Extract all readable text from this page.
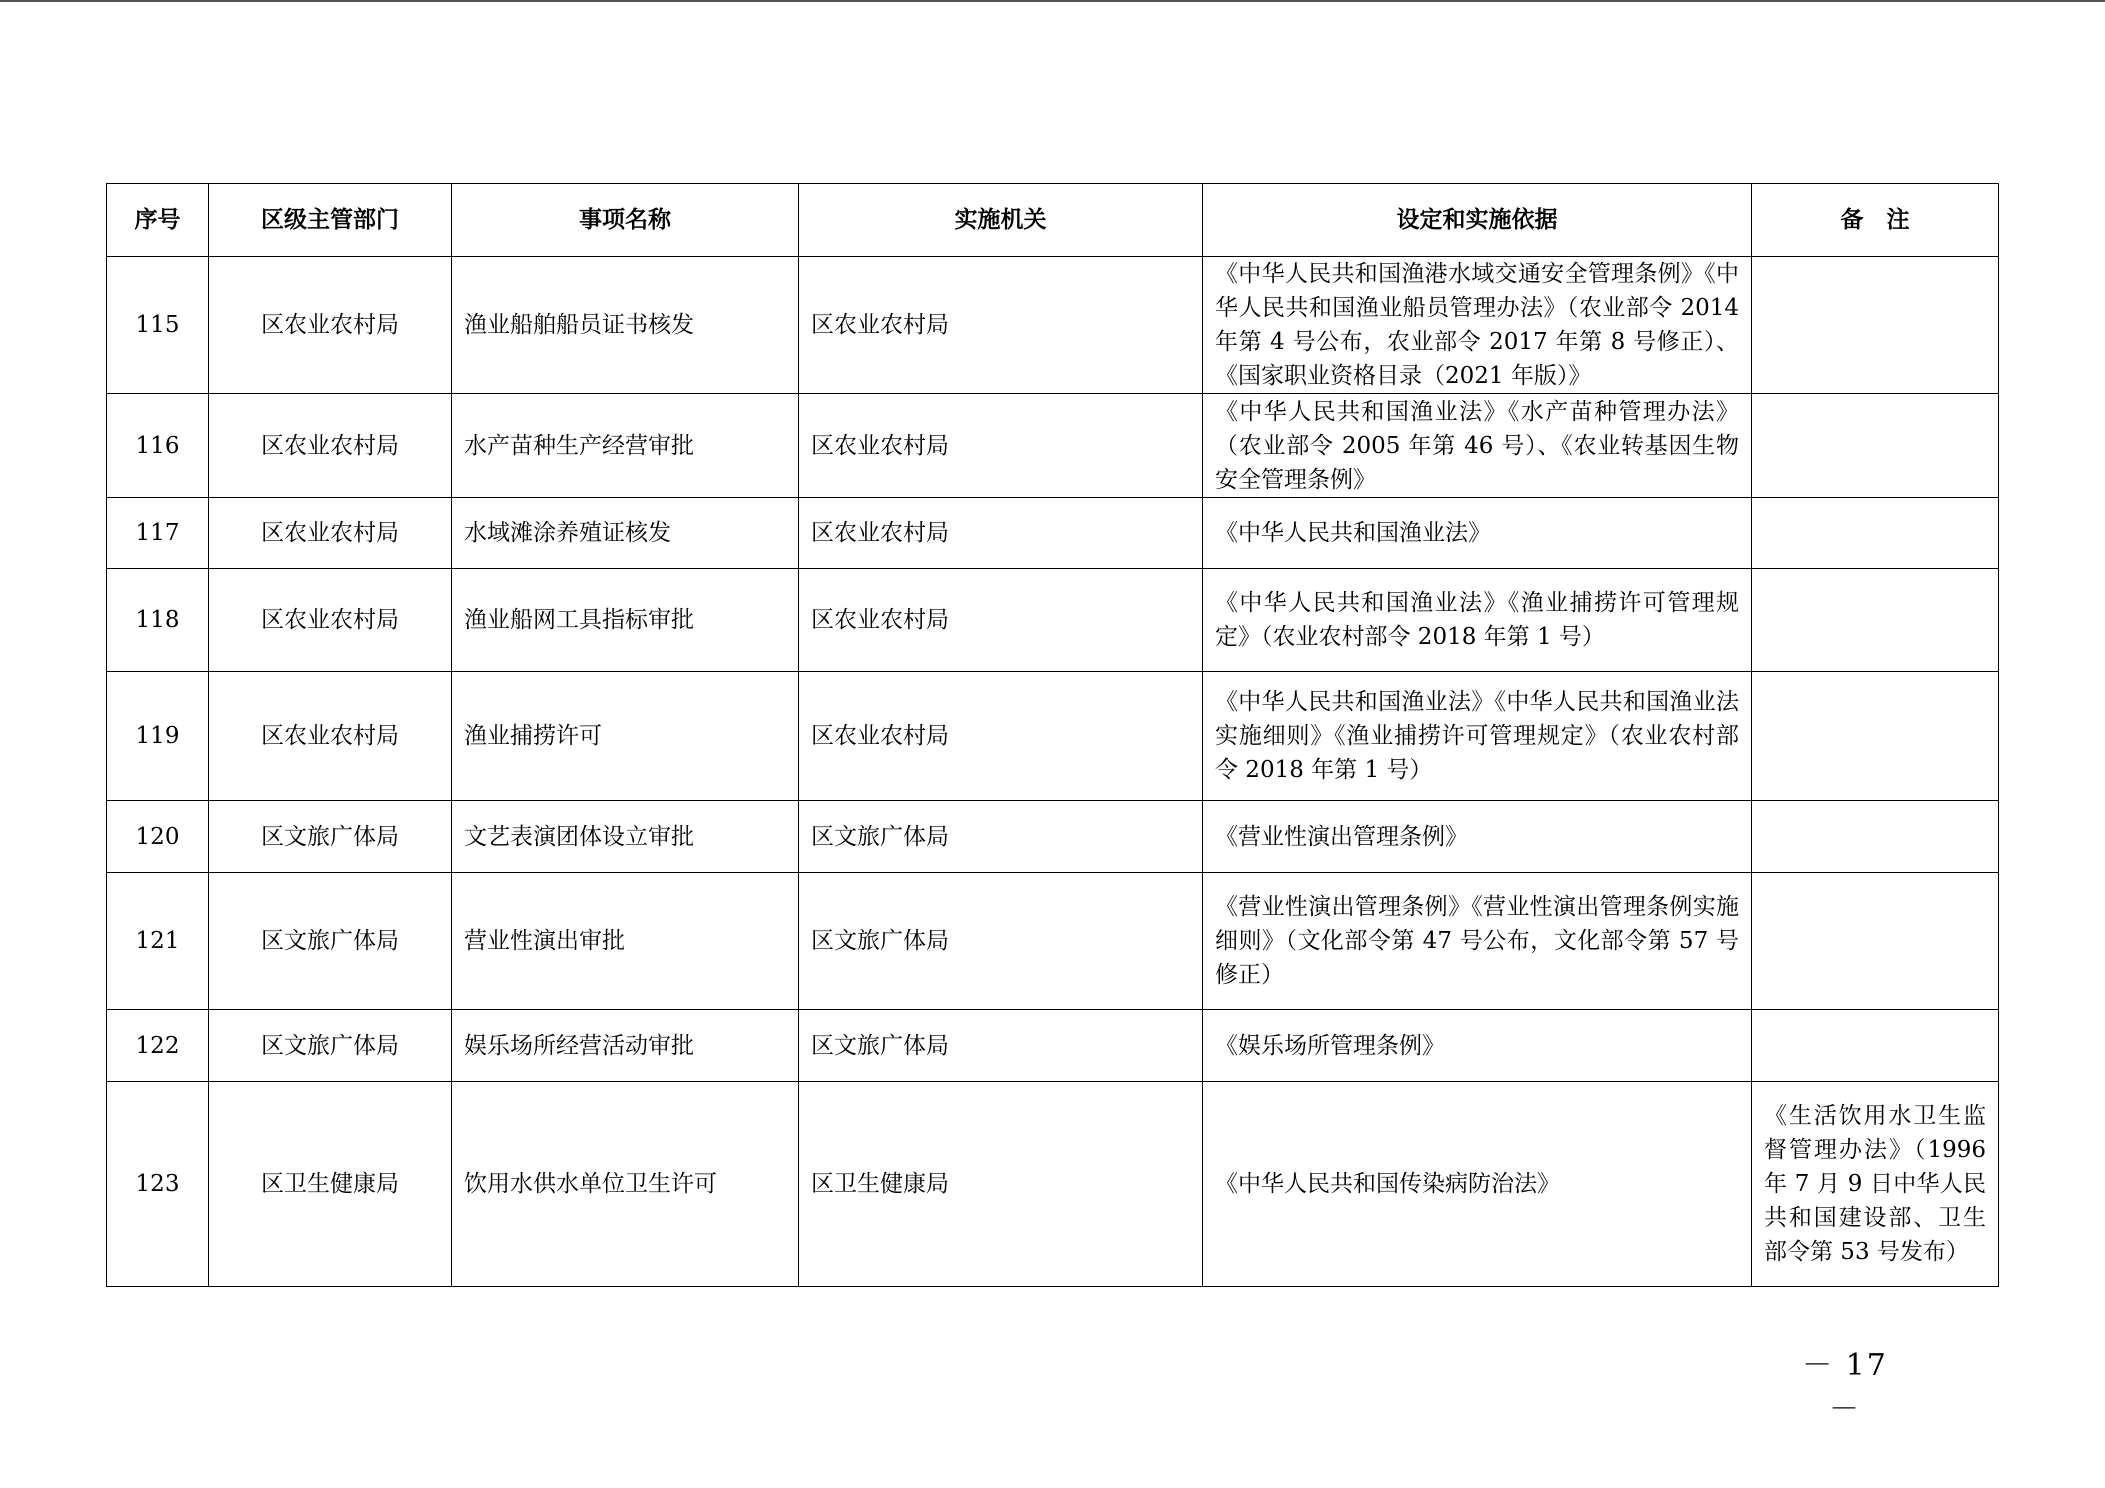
序号	区级主管部门	事项名称	实施机关	设定和实施依据	备　注
115	区农业农村局	渔业船舶船员证书核发	区农业农村局	《中华人民共和国渔港水域交通安全管理条例》《中华人民共和国渔业船员管理办法》（农业部令 2014 年第 4 号公布，农业部令 2017 年第 8 号修正）、《国家职业资格目录（2021 年版）》	
116	区农业农村局	水产苗种生产经营审批	区农业农村局	《中华人民共和国渔业法》《水产苗种管理办法》（农业部令 2005 年第 46 号）、《农业转基因生物安全管理条例》	
117	区农业农村局	水域滩涂养殖证核发	区农业农村局	《中华人民共和国渔业法》	
118	区农业农村局	渔业船网工具指标审批	区农业农村局	《中华人民共和国渔业法》《渔业捕捞许可管理规定》（农业农村部令 2018 年第 1 号）	
119	区农业农村局	渔业捕捞许可	区农业农村局	《中华人民共和国渔业法》《中华人民共和国渔业法实施细则》《渔业捕捞许可管理规定》（农业农村部令 2018 年第 1 号）	
120	区文旅广体局	文艺表演团体设立审批	区文旅广体局	《营业性演出管理条例》	
121	区文旅广体局	营业性演出审批	区文旅广体局	《营业性演出管理条例》《营业性演出管理条例实施细则》（文化部令第 47 号公布，文化部令第 57 号修正）	
122	区文旅广体局	娱乐场所经营活动审批	区文旅广体局	《娱乐场所管理条例》	
123	区卫生健康局	饮用水供水单位卫生许可	区卫生健康局	《中华人民共和国传染病防治法》	《生活饮用水卫生监督管理办法》（1996 年 7 月 9 日中华人民共和国建设部、卫生部令第 53 号发布）
－ 17 －
